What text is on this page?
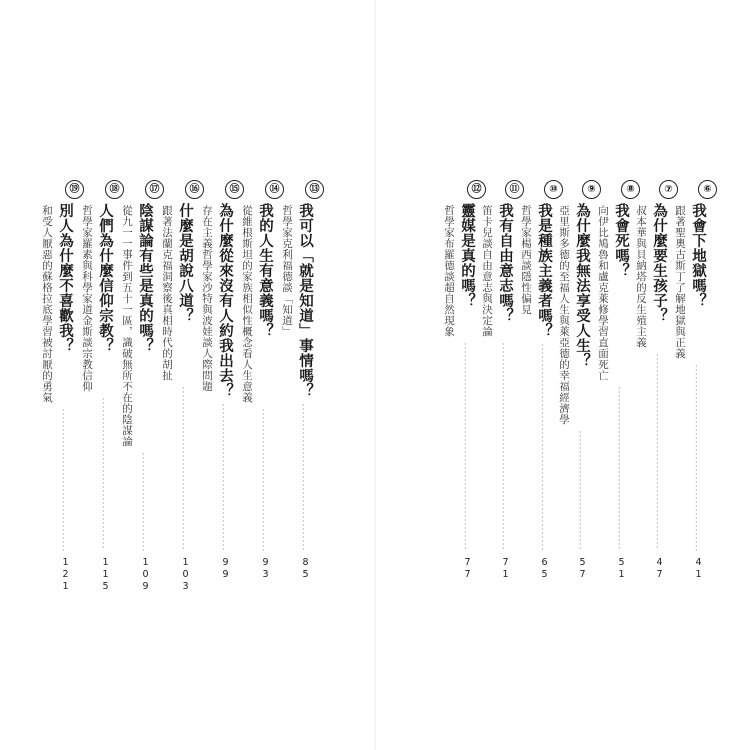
⑥
我會下地獄嗎？
跟著聖奧古斯丁了解地獄與正義
···············································
41
⑦
為什麼要生孩子？
叔本華與貝納塔的反生殖主義
·················································
47
⑧
我會死嗎？
向伊比鳩魯和盧克萊修學習直面死亡
·········································
51
⑨
為什麼我無法享受人生？
亞里斯多德的至福人生與萊亞德的幸福經濟學
······························
57
⑩
我是種族主義者嗎？
哲學家楊西談隱性偏見
····················································
65
⑪
我有自由意志嗎？
笛卡兒談自由意志與決定論
····················································
71
⑫
靈媒是真的嗎？
哲學家布羅德談超自然現象
····················································
77
⑬
我可以「就是知道」事情嗎？
哲學家克利福德談「知道」
·····································
85
⑭
我的人生有意義嗎？
從維根斯坦的家族相似性概念看人生意義
····································
93
⑮
為什麼從來沒有人約我出去？
存在主義哲學家沙特與波娃談人際問題
·····································
99
⑯
什麼是胡說八道？
跟著法蘭克福洞察後真相時代的胡扯
·········································
103
⑰
陰謀論有些是真的嗎？
從九一一事件到五十一區，識破無所不在的陰謀論
·························
109
⑱
人們為什麼信仰宗教？
哲學家羅素與科學家道金斯談宗教信仰
······································
115
⑲
別人為什麼不喜歡我？
和受人厭惡的蘇格拉底學習被討厭的勇氣
····································
121
